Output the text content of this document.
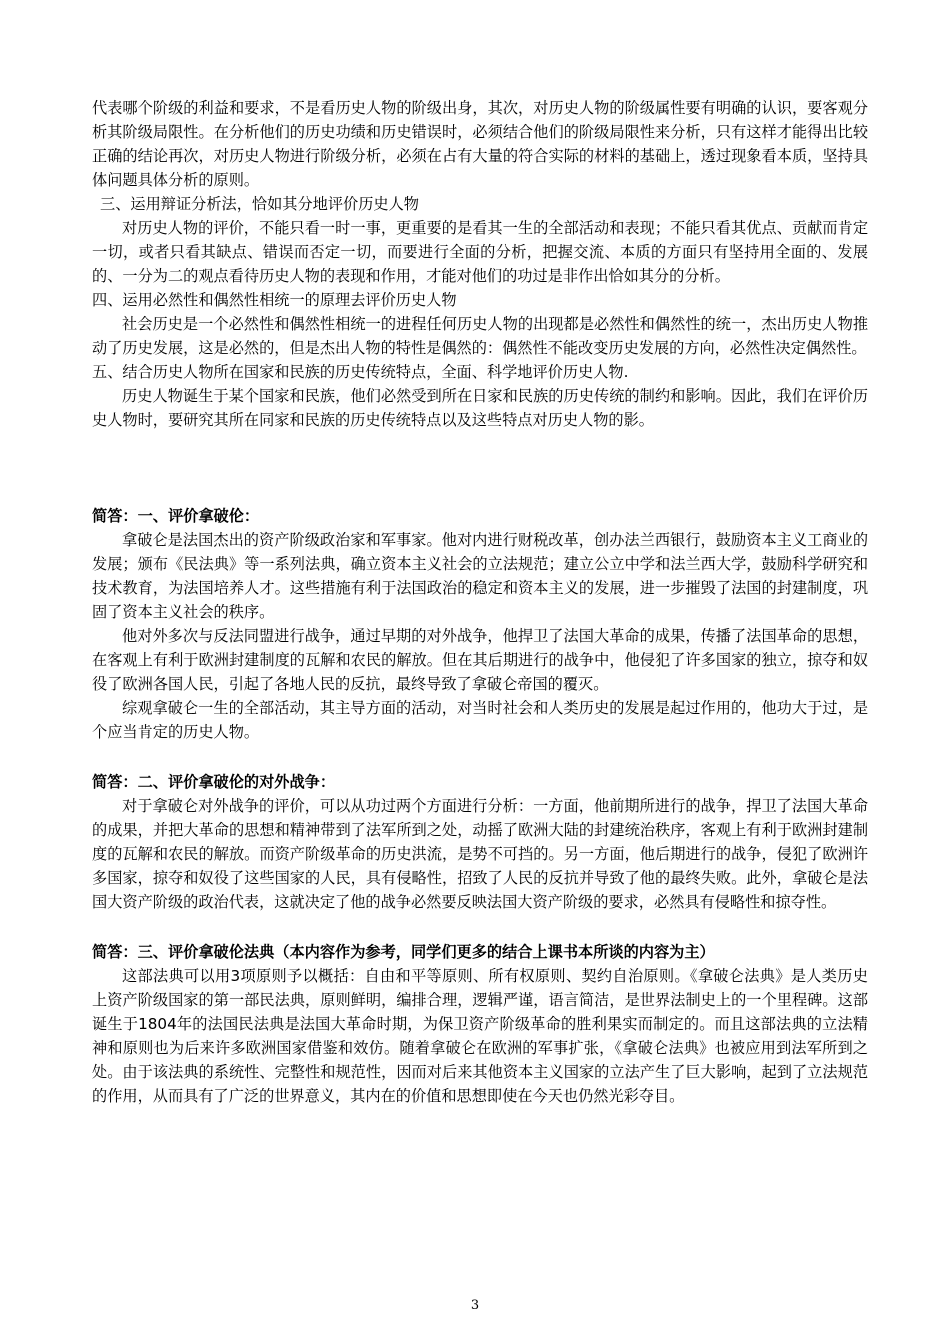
代表哪个阶级的利益和要求，不是看历史人物的阶级出身，其次，对历史人物的阶级属性要有明确的认识，要客观分析其阶级局限性。在分析他们的历史功绩和历史错误时，必须结合他们的阶级局限性来分析，只有这样才能得出比较正确的结论再次，对历史人物进行阶级分析，必须在占有大量的符合实际的材料的基础上，透过现象看本质，坚持具体问题具体分析的原则。

三、运用辩证分析法，恰如其分地评价历史人物

对历史人物的评价，不能只看一时一事，更重要的是看其一生的全部活动和表现；不能只看其优点、贡献而肯定一切，或者只看其缺点、错误而否定一切，而要进行全面的分析，把握交流、本质的方面只有坚持用全面的、发展的、一分为二的观点看待历史人物的表现和作用，才能对他们的功过是非作出恰如其分的分析。

四、运用必然性和偶然性相统一的原理去评价历史人物

社会历史是一个必然性和偶然性相统一的进程任何历史人物的出现都是必然性和偶然性的统一，杰出历史人物推动了历史发展，这是必然的，但是杰出人物的特性是偶然的：偶然性不能改变历史发展的方向，必然性决定偶然性。

五、结合历史人物所在国家和民族的历史传统特点，全面、科学地评价历史人物.

历史人物诞生于某个国家和民族，他们必然受到所在日家和民族的历史传统的制约和影响。因此，我们在评价历史人物时，要研究其所在同家和民族的历史传统特点以及这些特点对历史人物的影。

简答：一、评价拿破伦：

拿破仑是法国杰出的资产阶级政治家和军事家。他对内进行财税改革，创办法兰西银行，鼓励资本主义工商业的发展；颁布《民法典》等一系列法典，确立资本主义社会的立法规范；建立公立中学和法兰西大学，鼓励科学研究和技术教育，为法国培养人才。这些措施有利于法国政治的稳定和资本主义的发展，进一步摧毁了法国的封建制度，巩固了资本主义社会的秩序。

他对外多次与反法同盟进行战争，通过早期的对外战争，他捍卫了法国大革命的成果，传播了法国革命的思想，在客观上有利于欧洲封建制度的瓦解和农民的解放。但在其后期进行的战争中，他侵犯了许多国家的独立，掠夺和奴役了欧洲各国人民，引起了各地人民的反抗，最终导致了拿破仑帝国的覆灭。

综观拿破仑一生的全部活动，其主导方面的活动，对当时社会和人类历史的发展是起过作用的，他功大于过，是个应当肯定的历史人物。

简答：二、评价拿破伦的对外战争：

对于拿破仑对外战争的评价，可以从功过两个方面进行分析：一方面，他前期所进行的战争，捍卫了法国大革命的成果，并把大革命的思想和精神带到了法军所到之处，动摇了欧洲大陆的封建统治秩序，客观上有利于欧洲封建制度的瓦解和农民的解放。而资产阶级革命的历史洪流，是势不可挡的。另一方面，他后期进行的战争，侵犯了欧洲许多国家，掠夺和奴役了这些国家的人民，具有侵略性，招致了人民的反抗并导致了他的最终失败。此外，拿破仑是法国大资产阶级的政治代表，这就决定了他的战争必然要反映法国大资产阶级的要求，必然具有侵略性和掠夺性。

简答：三、评价拿破伦法典（本内容作为参考，同学们更多的结合上课书本所谈的内容为主）

这部法典可以用3项原则予以概括：自由和平等原则、所有权原则、契约自治原则。《拿破仑法典》是人类历史上资产阶级国家的第一部民法典，原则鲜明，编排合理，逻辑严谨，语言简洁，是世界法制史上的一个里程碑。这部诞生于1804年的法国民法典是法国大革命时期，为保卫资产阶级革命的胜利果实而制定的。而且这部法典的立法精神和原则也为后来许多欧洲国家借鉴和效仿。随着拿破仑在欧洲的军事扩张，《拿破仑法典》也被应用到法军所到之处。由于该法典的系统性、完整性和规范性，因而对后来其他资本主义国家的立法产生了巨大影响，起到了立法规范的作用，从而具有了广泛的世界意义，其内在的价值和思想即使在今天也仍然光彩夺目。

3
